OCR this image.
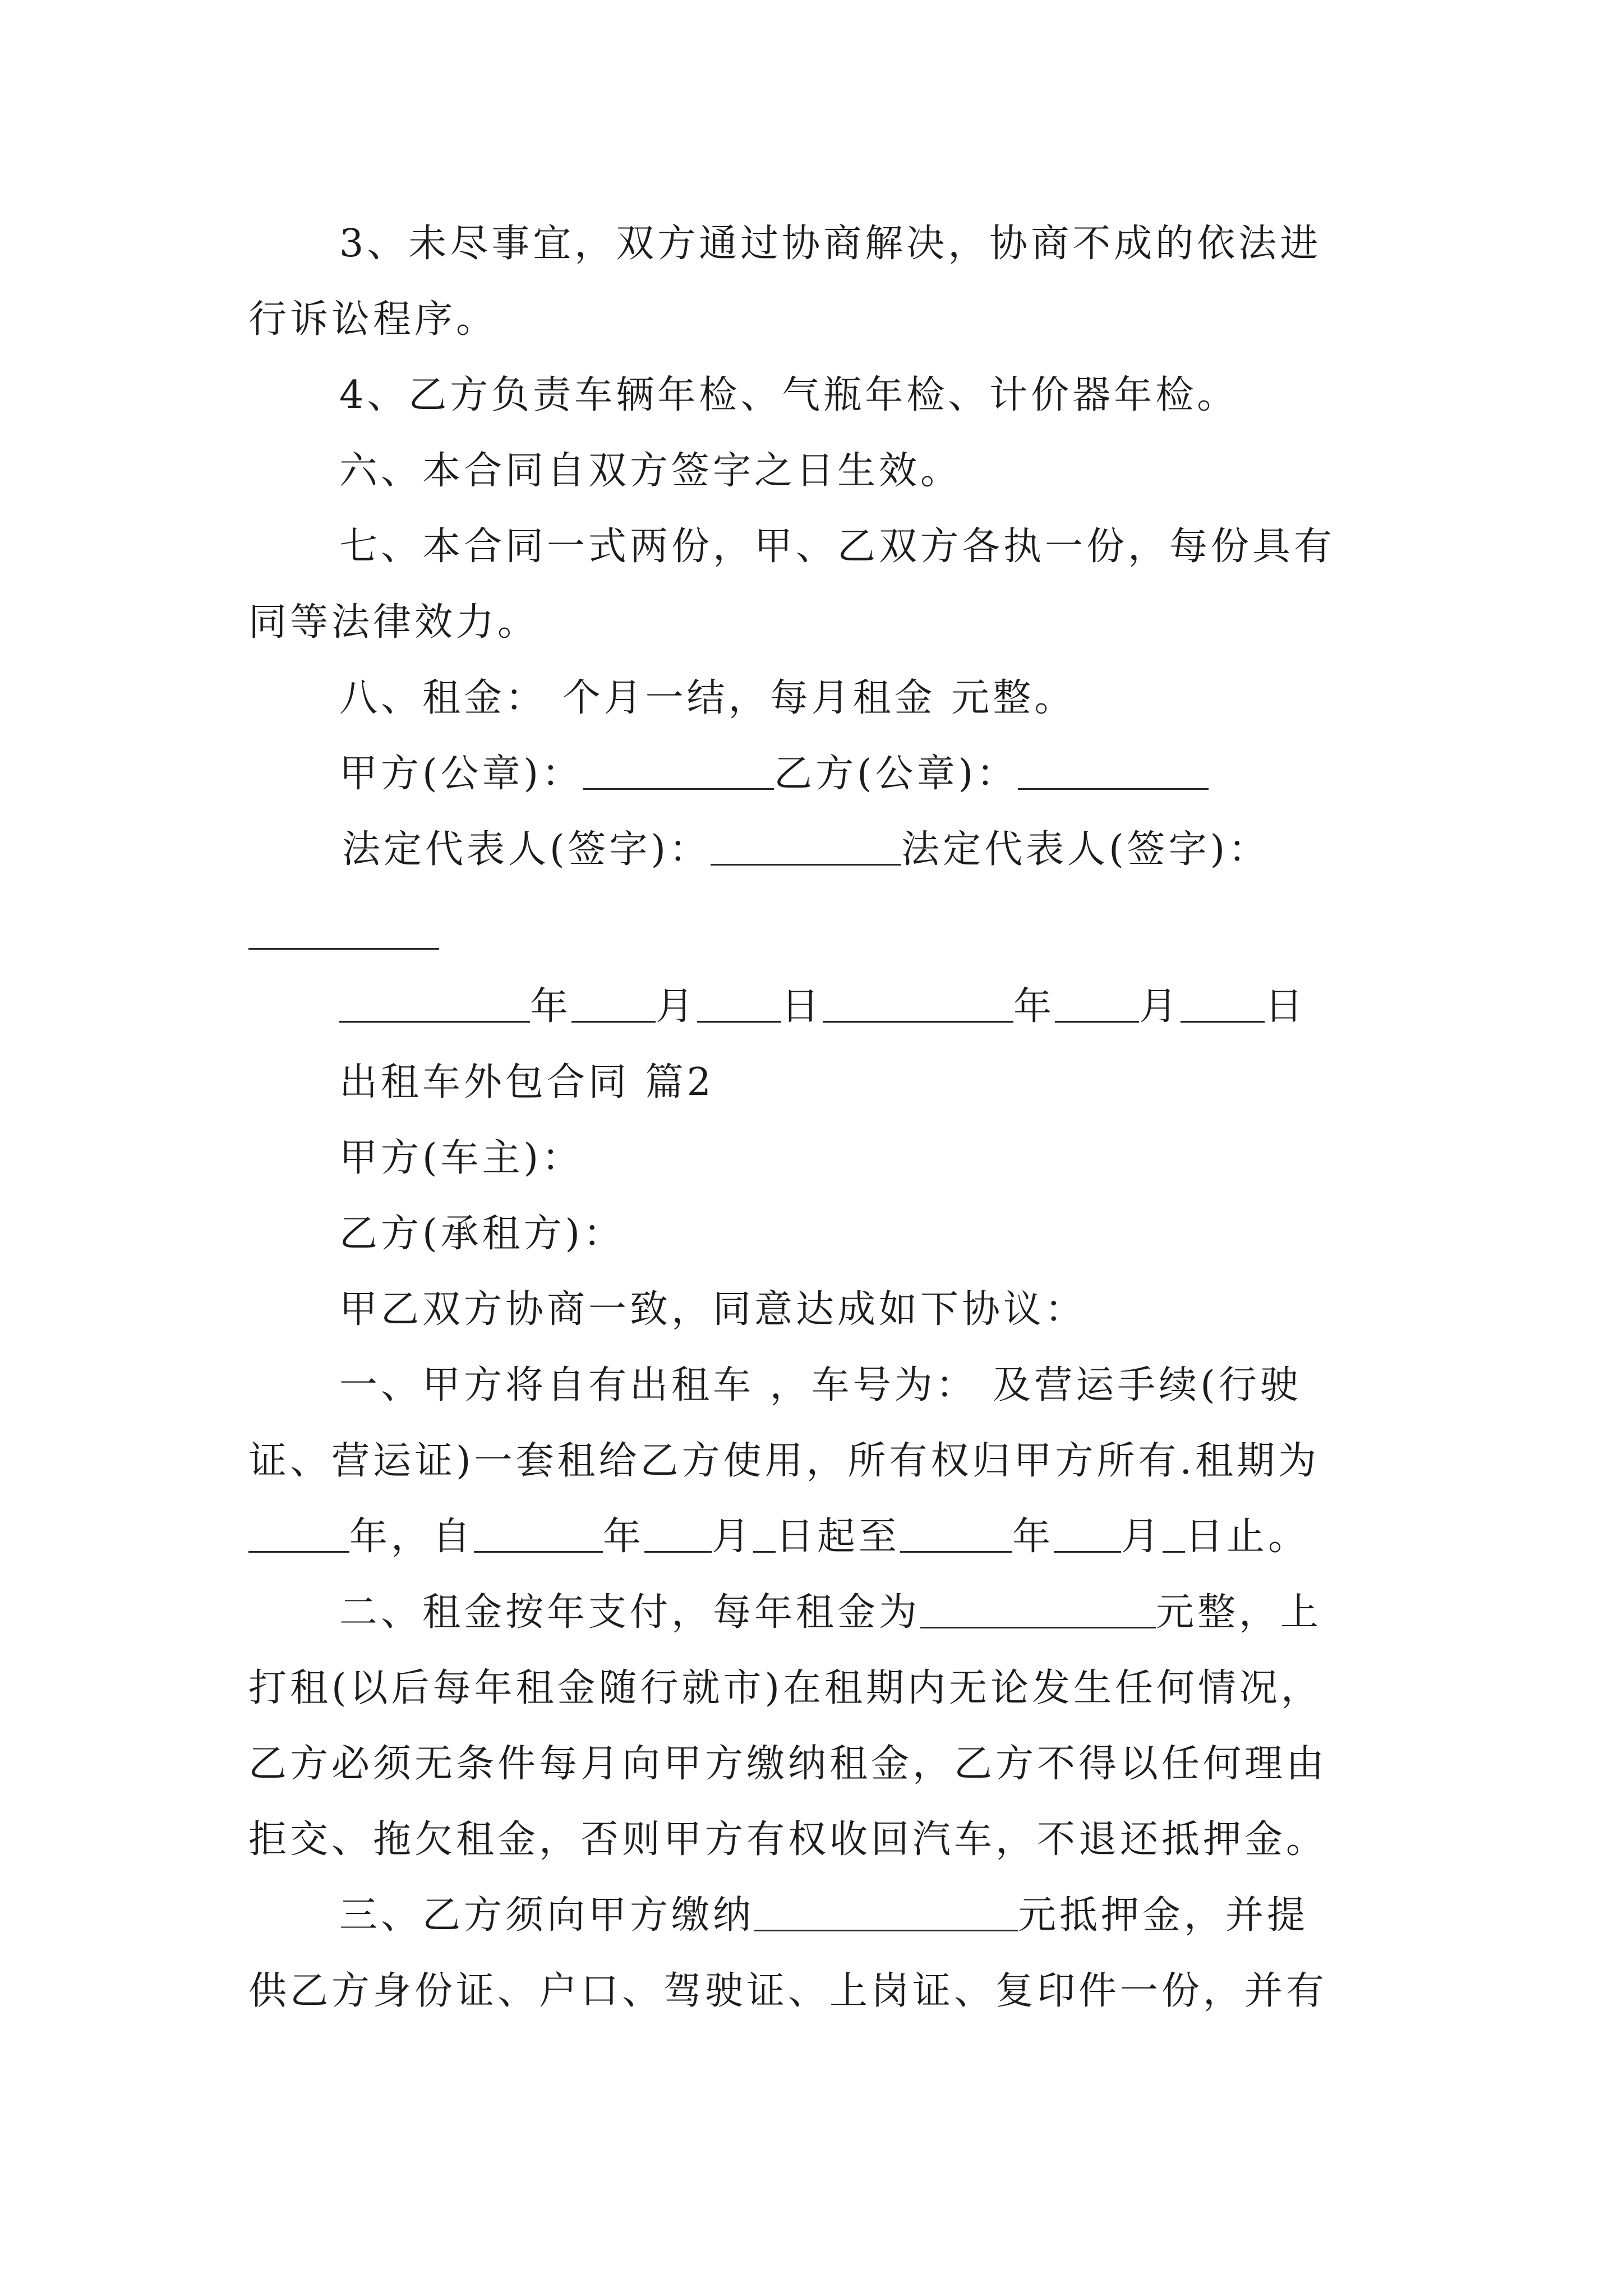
3、未尽事宜，双方通过协商解决，协商不成的依法进
行诉讼程序。
4、乙方负责车辆年检、气瓶年检、计价器年检。
六、本合同自双方签字之日生效。
七、本合同一式两份，甲、乙双方各执一份，每份具有
同等法律效力。
八、租金： 个月一结，每月租金 元整。
甲方(公章)：	乙方(公章)：
法定代表人(签字)：	法定代表人(签字)：
年 月 日	年 月 日
出租车外包合同 篇2
甲方(车主)：
乙方(承租方)：
甲乙双方协商一致，同意达成如下协议：
一、甲方将自有出租车 ，车号为： 及营运手续(行驶
证、营运证)一套租给乙方使用，所有权归甲方所有.租期为
年，自	年 月 日起至	年 月 日止。
二、租金按年支付，每年租金为	元整，上
打租(以后每年租金随行就市)在租期内无论发生任何情况，
乙方必须无条件每月向甲方缴纳租金，乙方不得以任何理由
拒交、拖欠租金，否则甲方有权收回汽车，不退还抵押金。
三、乙方须向甲方缴纳	元抵押金，并提
供乙方身份证、户口、驾驶证、上岗证、复印件一份，并有
